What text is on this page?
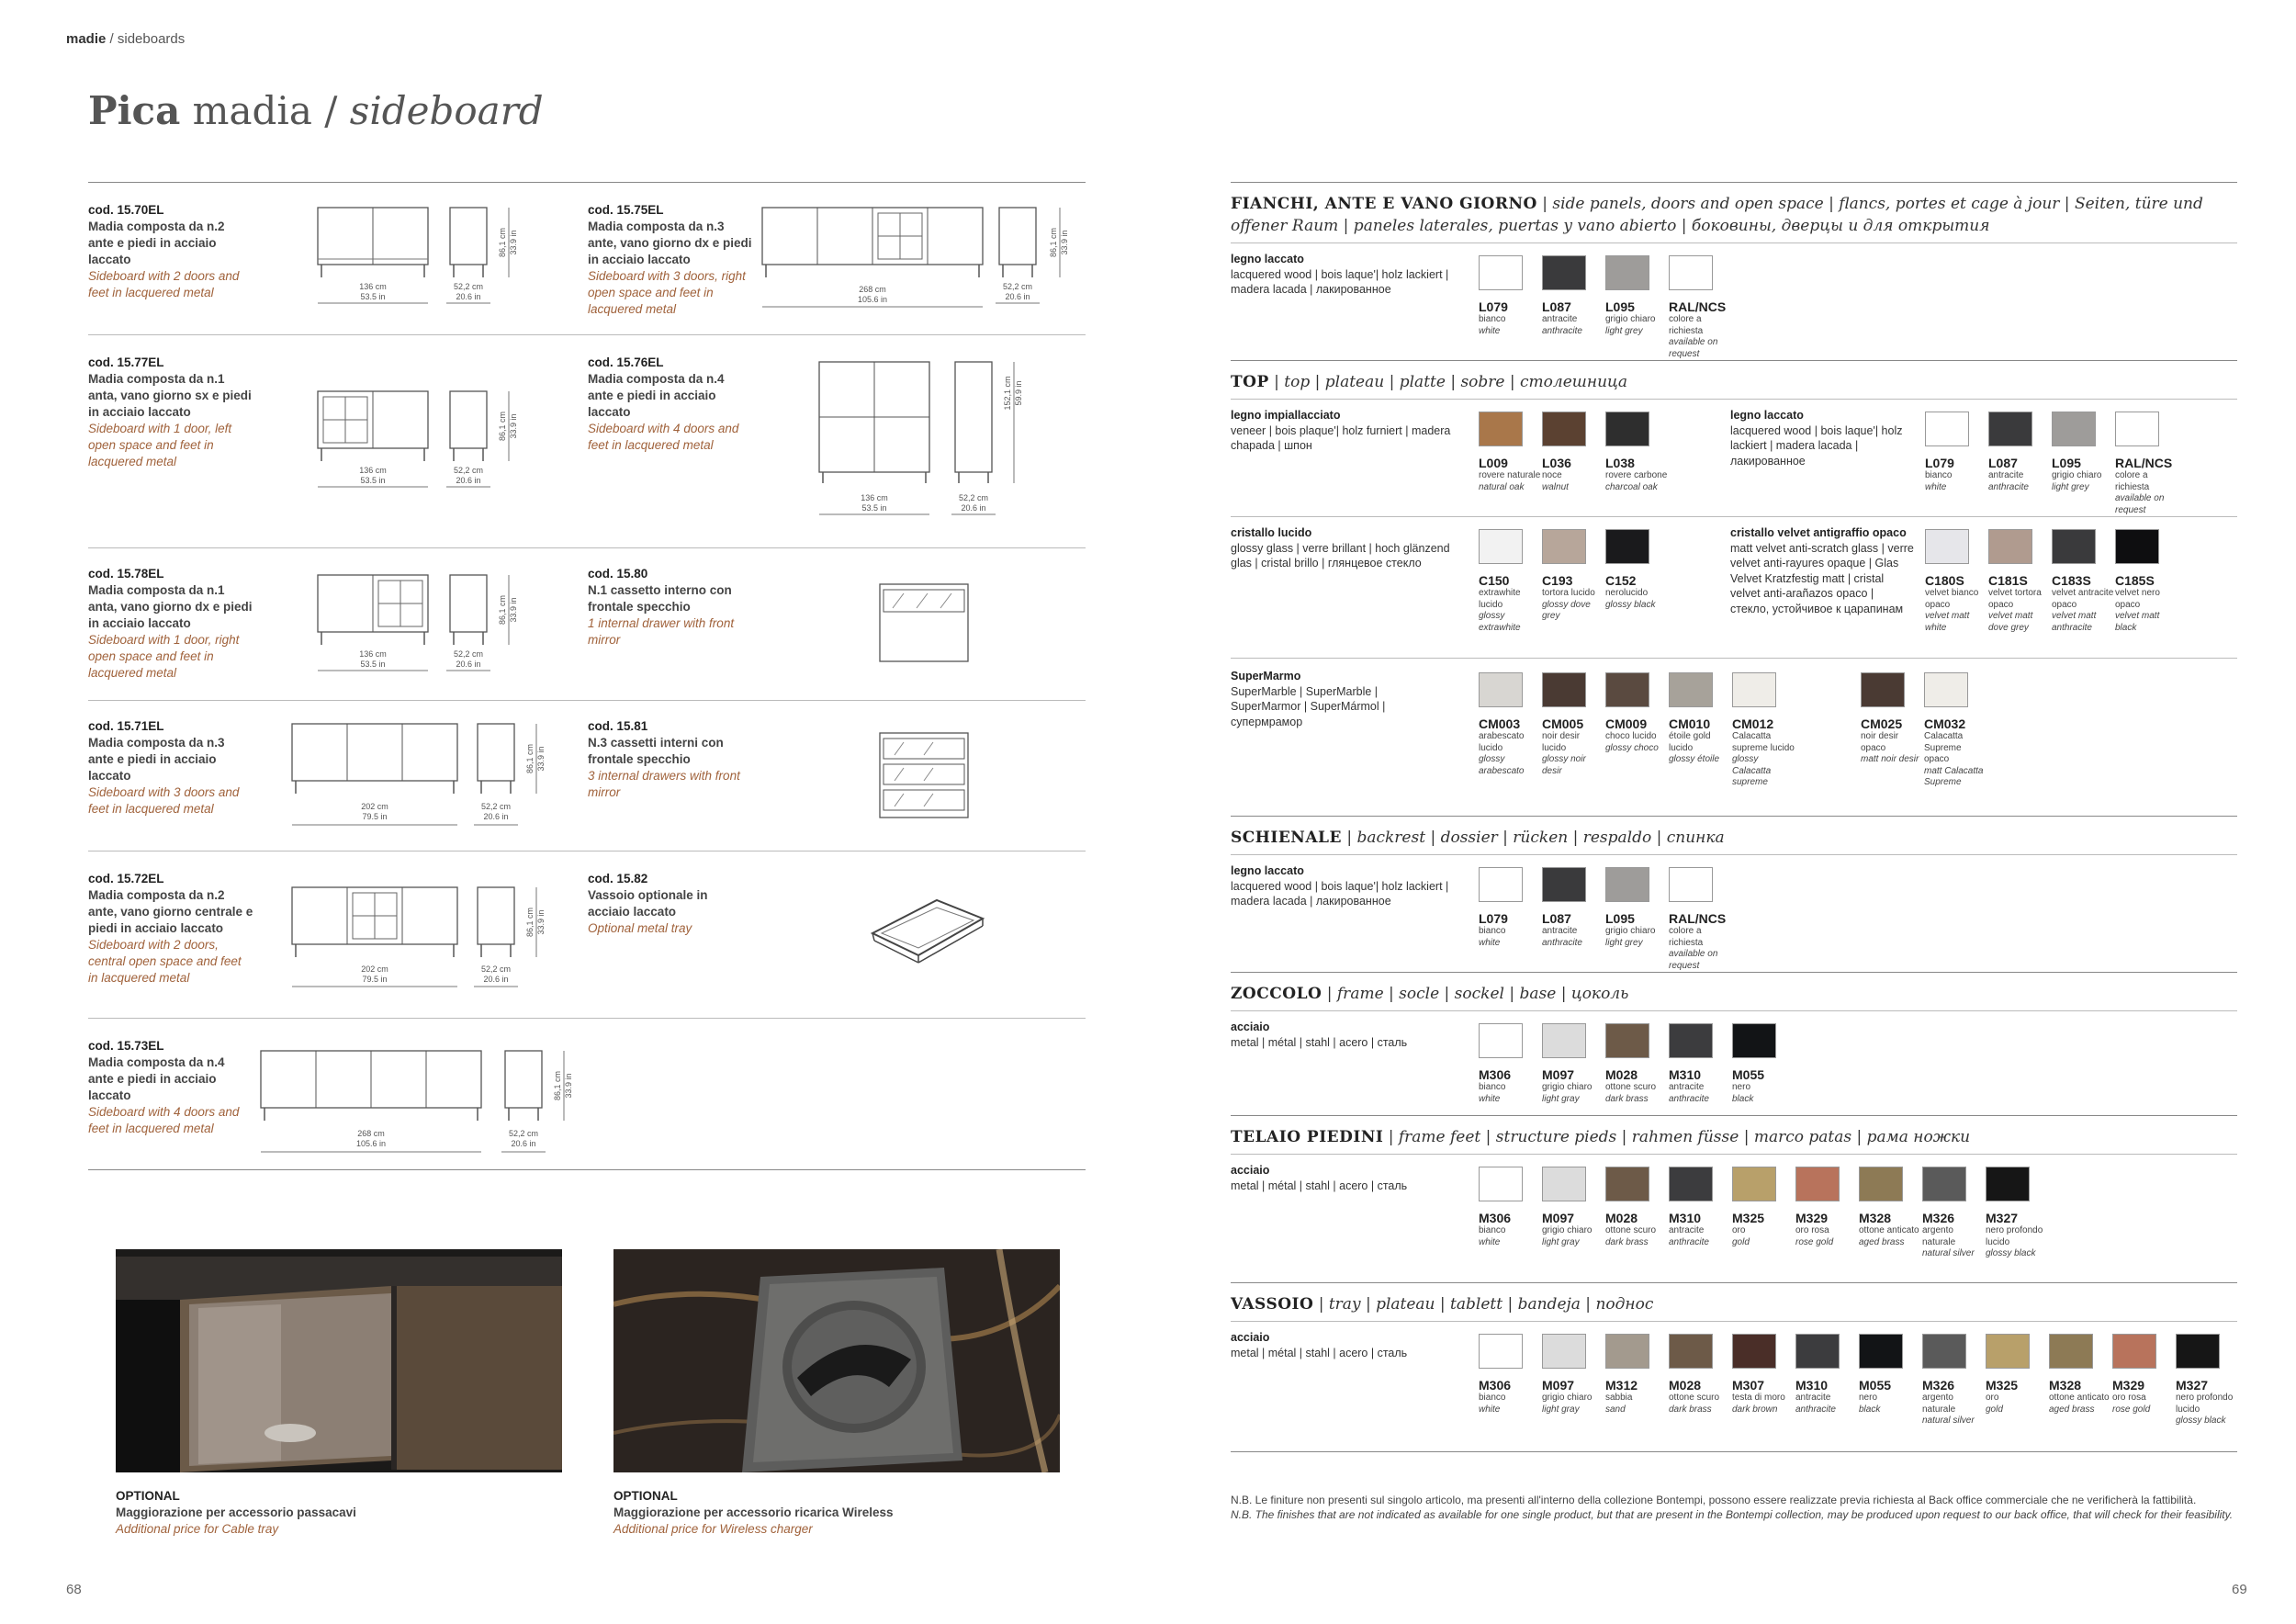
madie / sideboards
Pica madia / sideboard
cod. 15.70EL
Madia composta da n.2 ante e piedi in acciaio laccato
Sideboard with 2 doors and feet in lacquered metal
cod. 15.75EL
Madia composta da n.3 ante, vano giorno dx e piedi in acciaio laccato
Sideboard with 3 doors, right open space and feet in lacquered metal
cod. 15.77EL
Madia composta da n.1 anta, vano giorno sx e piedi in acciaio laccato
Sideboard with 1 door, left open space and feet in lacquered metal
cod. 15.76EL
Madia composta da n.4 ante e piedi in acciaio laccato
Sideboard with 4 doors and feet in lacquered metal
cod. 15.78EL
Madia composta da n.1 anta, vano giorno dx e piedi in acciaio laccato
Sideboard with 1 door, right open space and feet in lacquered metal
cod. 15.80
N.1 cassetto interno con frontale specchio
1 internal drawer with front mirror
cod. 15.71EL
Madia composta da n.3 ante e piedi in acciaio laccato
Sideboard with 3 doors and feet in lacquered metal
cod. 15.81
N.3 cassetti interni con frontale specchio
3 internal drawers with front mirror
cod. 15.72EL
Madia composta da n.2 ante, vano giorno centrale e piedi in acciaio laccato
Sideboard with 2 doors, central open space and feet in lacquered metal
cod. 15.82
Vassoio optionale in acciaio laccato
Optional metal tray
cod. 15.73EL
Madia composta da n.4 ante e piedi in acciaio laccato
Sideboard with 4 doors and feet in lacquered metal
136 cm
53.5 in
52,2 cm
20.6 in
86,1 cm 33.9 in
268 cm
105.6 in
52,2 cm
20.6 in
86,1 cm 33.9 in
136 cm
53.5 in
52,2 cm
20.6 in
86,1 cm 33.9 in
136 cm
53.5 in
52,2 cm
20.6 in
152,1 cm 59.9 in
136 cm
53.5 in
52,2 cm
20.6 in
86,1 cm 33.9 in
202 cm
79.5 in
52,2 cm
20.6 in
86,1 cm 33.9 in
202 cm
79.5 in
52,2 cm
20.6 in
86,1 cm 33.9 in
268 cm
105.6 in
52,2 cm
20.6 in
86,1 cm 33.9 in
OPTIONAL
Maggiorazione per accessorio passacavi
Additional price for Cable tray
OPTIONAL
Maggiorazione per accessorio ricarica Wireless
Additional price for Wireless charger
68
FIANCHI, ANTE E VANO GIORNO | side panels, doors and open space | flancs, portes et cage à jour | Seiten, türe und offener Raum | paneles laterales, puertas y vano abierto | боковины, дверцы и для открытия
legno laccato
lacquered wood | bois laque'| holz lackiert | madera lacada | лакированное
TOP | top | plateau | platte | sobre | столешница
legno impiallacciato
veneer | bois plaque'| holz furniert | madera chapada | шпон
legno laccato
lacquered wood | bois laque'| holz lackiert | madera lacada | лакированное
cristallo lucido
glossy glass | verre brillant | hoch glänzend glas | cristal brillo | глянцевое стекло
cristallo velvet antigraffio opaco
matt velvet anti-scratch glass | verre velvet anti-rayures opaque | Glas Velvet Kratzfestig matt | cristal velvet anti-arañazos opaco | стекло, устойчивое к царапинам
SuperMarmo
SuperMarble | SuperMarble | SuperMarmor | SuperMármol | супермрамор
SCHIENALE | backrest | dossier | rücken | respaldo | спинка
legno laccato
lacquered wood | bois laque'| holz lackiert | madera lacada | лакированное
ZOCCOLO | frame | socle | sockel | base | цоколь
acciaio
metal | métal | stahl | acero | сталь
TELAIO PIEDINI | frame feet | structure pieds | rahmen füsse | marco patas | рама ножки
acciaio
metal | métal | stahl | acero | сталь
VASSOIO | tray | plateau | tablett | bandeja | поднос
acciaio
metal | métal | stahl | acero | сталь
N.B. Le finiture non presenti sul singolo articolo, ma presenti all'interno della collezione Bontempi, possono essere realizzate previa richiesta al Back office commerciale che ne verificherà la fattibilità.
N.B. The finishes that are not indicated as available for one single product, but that are present in the Bontempi collection, may be produced upon request to our back office, that will check for their feasibility.
69
L079
bianco
white
L087
antracite
anthracite
L095
grigio chiaro
light grey
RAL/NCS
colore a richiesta
available on request
L009
rovere naturale
natural oak
L036
noce
walnut
L038
rovere carbone
charcoal oak
L079
bianco
white
L087
antracite
anthracite
L095
grigio chiaro
light grey
RAL/NCS
colore a richiesta
available on request
C150
extrawhite lucido
glossy extrawhite
C193
tortora lucido
glossy dove grey
C152
nerolucido
glossy black
C180S
velvet bianco opaco
velvet matt white
C181S
velvet tortora opaco
velvet matt dove grey
C183S
velvet antracite opaco
velvet matt anthracite
C185S
velvet nero opaco
velvet matt black
CM003
arabescato lucido
glossy arabescato
CM005
noir desir lucido
glossy noir desir
CM009
choco lucido
glossy choco
CM010
étoile gold lucido
glossy étoile
CM012
Calacatta supreme lucido
glossy Calacatta supreme
CM025
noir desir opaco
matt noir desir
CM032
Calacatta Supreme opaco
matt Calacatta Supreme
L079
bianco
white
L087
antracite
anthracite
L095
grigio chiaro
light grey
RAL/NCS
colore a richiesta
available on request
M306
bianco
white
M097
grigio chiaro
light gray
M028
ottone scuro
dark brass
M310
antracite
anthracite
M055
nero
black
M306
bianco
white
M097
grigio chiaro
light gray
M028
ottone scuro
dark brass
M310
antracite
anthracite
M325
oro
gold
M329
oro rosa
rose gold
M328
ottone anticato
aged brass
M326
argento naturale
natural silver
M327
nero profondo lucido
glossy black
M306
bianco
white
M097
grigio chiaro
light gray
M312
sabbia
sand
M028
ottone scuro
dark brass
M307
testa di moro
dark brown
M310
antracite
anthracite
M055
nero
black
M326
argento naturale
natural silver
M325
oro
gold
M328
ottone anticato
aged brass
M329
oro rosa
rose gold
M327
nero profondo lucido
glossy black
